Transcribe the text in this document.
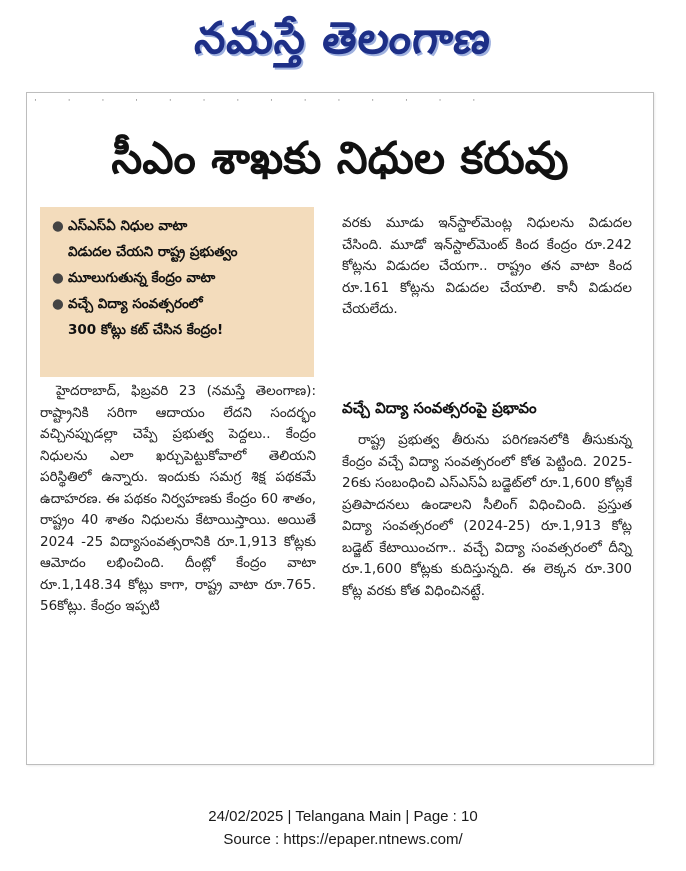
నమస్తే తెలంగాణ
· · · · · · · · · · · · · ·
సీఎం శాఖకు నిధుల కరువు
● ఎస్ఎస్ఏ నిధుల వాటా
విడుదల చేయని రాష్ట్ర ప్రభుత్వం
● మూలుగుతున్న కేంద్రం వాటా
● వచ్చే విద్యా సంవత్సరంలో
300 కోట్లు కట్ చేసిన కేంద్రం!

హైదరాబాద్, ఫిబ్రవరి 23 (నమస్తే తెలంగాణ): రాష్ట్రానికి సరిగా ఆదాయం లేదని సందర్భం వచ్చినప్పుడల్లా చెప్పే ప్రభుత్వ పెద్దలు.. కేంద్రం నిధులను ఎలా ఖర్చుపెట్టుకోవాలో తెలియని పరిస్థితిలో ఉన్నారు. ఇందుకు సమగ్ర శిక్ష పథకమే ఉదాహరణ. ఈ పథకం నిర్వహణకు కేంద్రం 60 శాతం, రాష్ట్రం 40 శాతం నిధులను కేటాయిస్తాయి. అయితే 2024 -25 విద్యాసంవత్సరానికి రూ.1,913 కోట్లకు ఆమోదం లభించింది. దీంట్లో కేంద్రం వాటా రూ.1,148.34 కోట్లు కాగా, రాష్ట్ర వాటా రూ.765. 56కోట్లు. కేంద్రం ఇప్పటి

వరకు మూడు ఇన్‌స్టాల్‌మెంట్ల నిధులను విడుదల చేసింది. మూడో ఇన్‌స్టాల్‌మెంట్ కింద కేంద్రం రూ.242 కోట్లను విడుదల చేయగా.. రాష్ట్రం తన వాటా కింద రూ.161 కోట్లను విడుదల చేయాలి. కానీ విడుదల చేయలేదు.

వచ్చే విద్యా సంవత్సరంపై ప్రభావం

రాష్ట్ర ప్రభుత్వ తీరును పరిగణనలోకి తీసుకున్న కేంద్రం వచ్చే విద్యా సంవత్సరంలో కోత పెట్టింది. 2025-26కు సంబంధించి ఎస్ఎస్ఏ బడ్జెట్‌లో రూ.1,600 కోట్లకే ప్రతిపాదనలు ఉండాలని సీలింగ్ విధించింది. ప్రస్తుత విద్యా సంవత్సరంలో (2024-25) రూ.1,913 కోట్ల బడ్జెట్ కేటాయించగా.. వచ్చే విద్యా సంవత్సరంలో దీన్ని రూ.1,600 కోట్లకు కుదిస్తున్నది. ఈ లెక్కన రూ.300 కోట్ల వరకు కోత విధించినట్టే.

24/02/2025 | Telangana Main | Page : 10
Source : https://epaper.ntnews.com/
